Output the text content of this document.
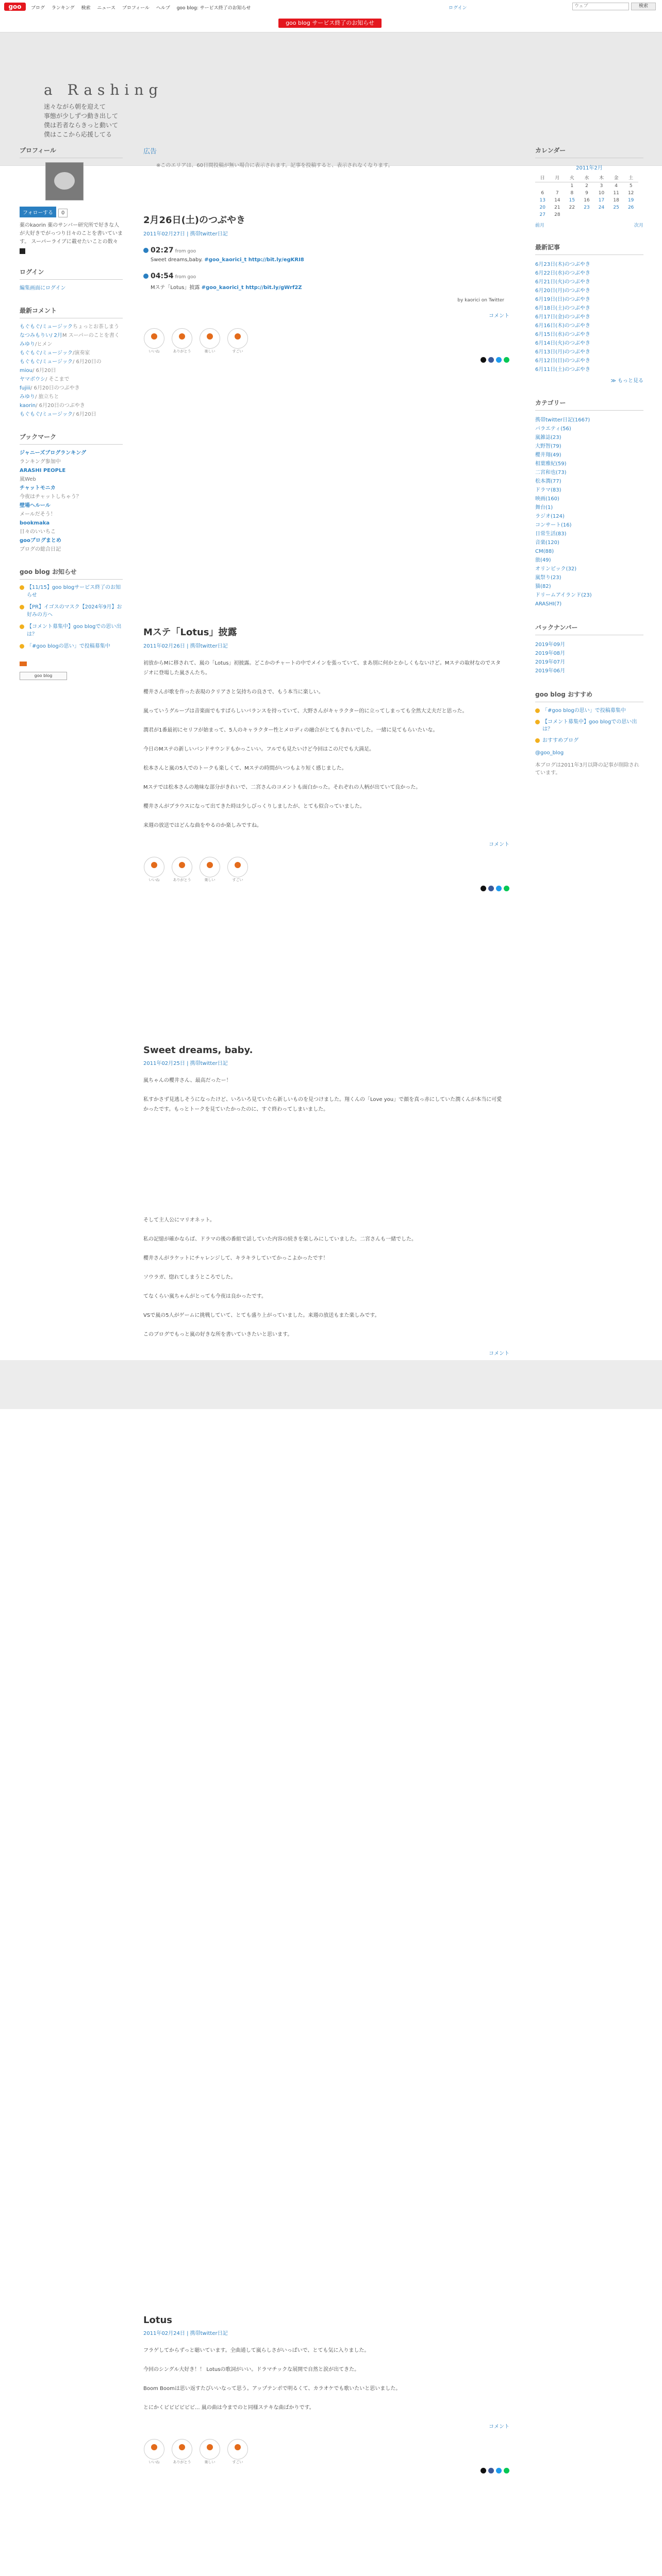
goo	ブログ ランキング 検索 ニュース プロフィール ヘルプ goo blog: サービス終了のお知らせ	ログイン	ウェブ	検索
goo blog サービス終了のお知らせ
a Rashing
迷々ながら朝を迎えて
事態が少しずつ動き出して
僕は若者ならきっと動いて
僕はここから応援してる
プロフィール
フォローする 0
薬のkaorin 薬のサンバー研究所で好きな人が大好きでがっつり日々のことを書いています。 スーパーライブに載せたいことの数々
ログイン
編集画面にログイン
最新コメント
もぐもぐ/ミュージックちょっとお茶しまう
なつみもりい/ 2月M スーパーのことを書く
みゆり/ヒメン
もぐもぐ/ミュージック/演奏家
もぐもぐ/ミュージック/ 6月20日の
miou/ 6月20日
ヤマボウシ/ そこまで
fujiii/ 6月20日のつぶやき
みゆり/ 旅立ちと
kaorin/ 6月20日のつぶやき
もぐもぐ/ミュージック/ 6月20日
ブックマーク
ジャニーズブログランキング
ランキング参加中
ARASHI PEOPLE
嵐Web
チャットモニカ
今夜はチャットしちゃう？
壁場ヘルール
メールだそう！
bookmaka
日々のいいちこ
gooブログまとめ
ブログの総合日記
goo blog お知らせ
【11/15】goo blogサービス終了のお知らせ
【PR】イゴスのマスク【2024年9月】お好みの方へ
【コメント募集中】goo blogでの思い出は？
「#goo blogの思い」で投稿募集中
goo blog
広告
※このエリアは、60日間投稿が無い場合に表示されます。記事を投稿すると、表示されなくなります。
2月26日(土)のつぶやき
2011年02月27日 | 携帯twitter日記
02:27 from goo
Sweet dreams,baby. #goo_kaorici_t http://bit.ly/egKRI8
04:54 from goo
Mステ「Lotus」披露 #goo_kaorici_t http://bit.ly/gWrf2Z
by kaorici on Twitter
コメント
いいね	ありがとう	楽しい	すごい
Mステ「Lotus」披露
2011年02月26日 | 携帯twitter日記

初放からMに移されて、嵐の「Lotus」初披露。どこかのチャートの中でメインを張っていて、まあ別に何かとかしくもないけど。Mステの取材なのでスタジオに登場した嵐さんたち。

櫻井さんが歌を作った表現のクリアさと気持ちの良さで、もう本当に楽しい。

嵐っていうグループは音楽面でもすばらしいバランスを持っていて、大野さんがキャラクター的に立ってしまっても全然大丈夫だと思った。

潤君が1番最初にセリフが始まって、5人のキャラクター性とメロディの融合がとてもきれいでした。一緒に見てもらいたいな。

今日のMステの新しいバンドサウンドもかっこいい。フルでも見たいけど今回はこの尺でも大満足。

松本さんと嵐の5人でのトークも楽しくて、Mステの時間がいつもより短く感じました。

Mステでは松本さんの地味な部分がきれいで、二宮さんのコメントも面白かった。それぞれの人柄が出ていて良かった。

櫻井さんがブラウスになって出てきた時は少しびっくりしましたが、とても似合っていました。

来週の放送ではどんな曲をやるのか楽しみですね。

コメント
いいね	ありがとう	楽しい	すごい
Sweet dreams, baby.
2011年02月25日 | 携帯twitter日記

嵐ちゃんの櫻井さん、最高だったー！

私すかさず見逃しそうになったけど、いろいろ見ていたら新しいものを見つけました。翔くんの「Love you」で顔を真っ赤にしていた潤くんが本当に可愛かったです。もっとトークを見ていたかったのに、すぐ終わってしまいました。

そして主人公にマリオネット。

私の記憶が確かならば、ドラマの後の番組で話していた内容の続きを楽しみにしていました。二宮さんも一緒でした。

櫻井さんがラケットにチャレンジして、キラキラしていてかっこよかったです！

ソウラガ、惚れてしまうところでした。

てなくらい嵐ちゃんがとっても今夜は良かったです。

VSで嵐の5人がゲームに挑戦していて、とても盛り上がっていました。来週の放送もまた楽しみです。

このブログでもっと嵐の好きな所を書いていきたいと思います。

コメント
Lotus
2011年02月24日 | 携帯twitter日記

フラゲしてからずっと聴いています。全曲通して嵐らしさがいっぱいで、とても気に入りました。

今回のシングル大好き！！ Lotusの歌詞がいい。ドラマチックな展開で自然と涙が出てきた。

Boom Boomは思い返すたびいいなって思う。アップテンポで明るくて、カラオケでも歌いたいと思いました。

とにかくビビビビビビ... 嵐の曲は今までのと同様ステキな曲ばかりです。

コメント
いいね	ありがとう	楽しい	すごい
カレンダー
2011年2月
日	月	火	水	木	金	土
		1	2	3	4	5
6	7	8	9	10	11	12
13	14	15	16	17	18	19
20	21	22	23	24	25	26
27	28					
前月	次月
最新記事
6月23日(木)のつぶやき
6月22日(水)のつぶやき
6月21日(火)のつぶやき
6月20日(月)のつぶやき
6月19日(日)のつぶやき
6月18日(土)のつぶやき
6月17日(金)のつぶやき
6月16日(木)のつぶやき
6月15日(水)のつぶやき
6月14日(火)のつぶやき
6月13日(月)のつぶやき
6月12日(日)のつぶやき
6月11日(土)のつぶやき
≫ もっと見る
カテゴリー
携帯twitter日記(1667)
バラエティ(56)
嵐雑誌(23)
大野智(79)
櫻井翔(49)
相葉雅紀(59)
二宮和也(73)
松本潤(77)
ドラマ(83)
映画(160)
舞台(1)
ラジオ(124)
コンサート(16)
日常生活(83)
音楽(120)
CM(88)
旅(49)
オリンピック(32)
嵐祭り(23)
猫(82)
ドリームアイランド(23)
ARASHI(7)
バックナンバー
2019年09月
2019年08月
2019年07月
2019年06月
goo blog おすすめ
「#goo blogの思い」で投稿募集中
【コメント募集中】goo blogでの思い出は？
おすすめブログ
@goo_blog
本ブログは2011年3月以降の記事が削除されています。
